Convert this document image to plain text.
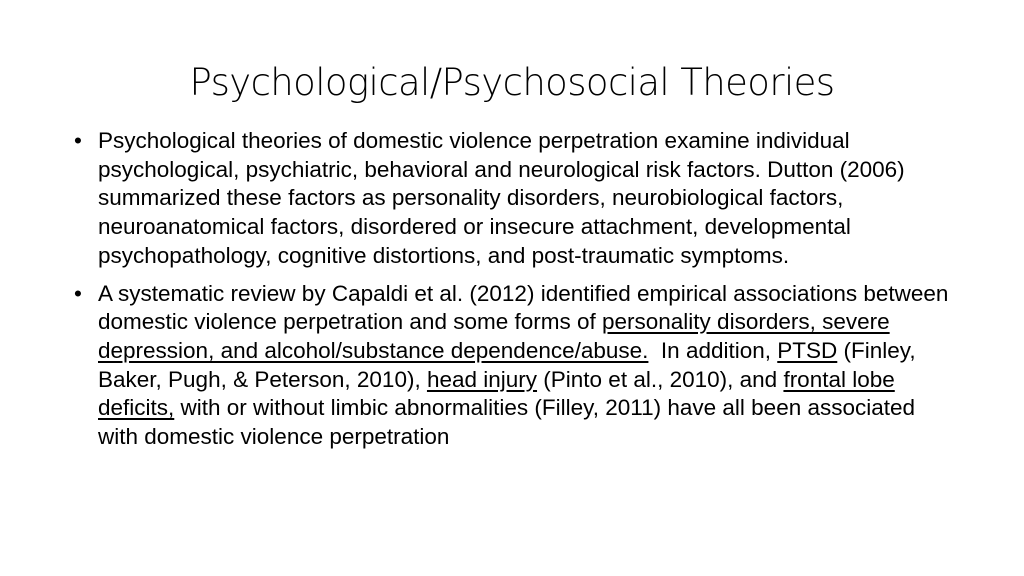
Psychological/Psychosocial Theories
• Psychological theories of domestic violence perpetration examine individual psychological, psychiatric, behavioral and neurological risk factors. Dutton (2006) summarized these factors as personality disorders, neurobiological factors, neuroanatomical factors, disordered or insecure attachment, developmental psychopathology, cognitive distortions, and post-traumatic symptoms.
• A systematic review by Capaldi et al. (2012) identified empirical associations between domestic violence perpetration and some forms of personality disorders, severe depression, and alcohol/substance dependence/abuse.  In addition, PTSD (Finley, Baker, Pugh, & Peterson, 2010), head injury (Pinto et al., 2010), and frontal lobe deficits, with or without limbic abnormalities (Filley, 2011) have all been associated with domestic violence perpetration
